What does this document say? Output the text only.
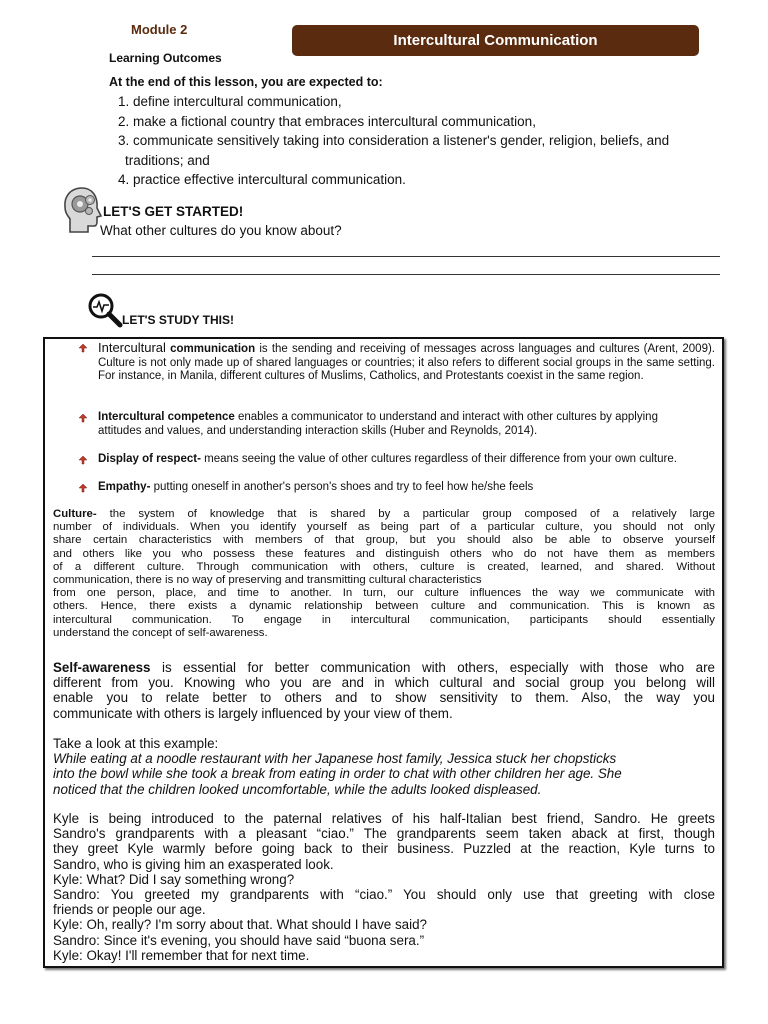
Module 2
Intercultural Communication
Learning Outcomes
At the end of this lesson, you are expected to:
1. define intercultural communication,
2. make a fictional country that embraces intercultural communication,
3. communicate sensitively taking into consideration a listener's gender, religion, beliefs, and
traditions; and
4. practice effective intercultural communication.
LET'S GET STARTED!
What other cultures do you know about?
LET'S STUDY THIS!
Intercultural communication is the sending and receiving of messages across languages and cultures (Arent, 2009). Culture is not only made up of shared languages or countries; it also refers to different social groups in the same setting. For instance, in Manila, different cultures of Muslims, Catholics, and Protestants coexist in the same region.
Intercultural competence enables a communicator to understand and interact with other cultures by applying attitudes and values, and understanding interaction skills (Huber and Reynolds, 2014).
Display of respect- means seeing the value of other cultures regardless of their difference from your own culture.
Empathy- putting oneself in another's person's shoes and try to feel how he/she feels
Culture- the system of knowledge that is shared by a particular group composed of a relatively large
number of individuals. When you identify yourself as being part of a particular culture, you should not only
share certain characteristics with members of that group, but you should also be able to observe yourself
and others like you who possess these features and distinguish others who do not have them as members
of a different culture. Through communication with others, culture is created, learned, and shared. Without
communication, there is no way of preserving and transmitting cultural characteristics
from one person, place, and time to another. In turn, our culture influences the way we communicate with
others. Hence, there exists a dynamic relationship between culture and communication. This is known as
intercultural communication. To engage in intercultural communication, participants should essentially
understand the concept of self-awareness.
Self-awareness is essential for better communication with others, especially with those who are
different from you. Knowing who you are and in which cultural and social group you belong will
enable you to relate better to others and to show sensitivity to them. Also, the way you
communicate with others is largely influenced by your view of them.
Take a look at this example:
While eating at a noodle restaurant with her Japanese host family, Jessica stuck her chopsticks
into the bowl while she took a break from eating in order to chat with other children her age. She
noticed that the children looked uncomfortable, while the adults looked displeased.
Kyle is being introduced to the paternal relatives of his half-Italian best friend, Sandro. He greets
Sandro's grandparents with a pleasant “ciao.” The grandparents seem taken aback at first, though
they greet Kyle warmly before going back to their business. Puzzled at the reaction, Kyle turns to
Sandro, who is giving him an exasperated look.
Kyle: What? Did I say something wrong?
Sandro: You greeted my grandparents with “ciao.” You should only use that greeting with close
friends or people our age.
Kyle: Oh, really? I'm sorry about that. What should I have said?
Sandro: Since it's evening, you should have said “buona sera.”
Kyle: Okay! I'll remember that for next time.
